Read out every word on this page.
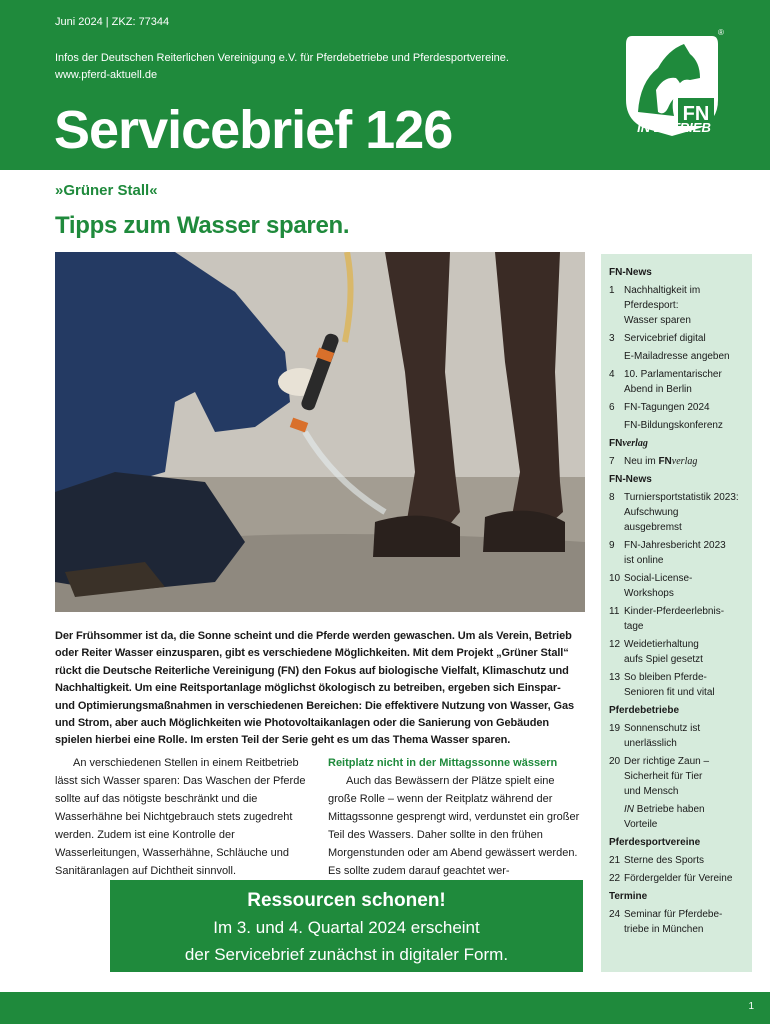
Juni 2024 | ZKZ: 77344
Infos der Deutschen Reiterlichen Vereinigung e.V. für Pferdebetriebe und Pferdesportvereine.
www.pferd-aktuell.de
Servicebrief 126	FN
®
IN BETRIEB
»Grüner Stall«
Tipps zum Wasser sparen.
Der Frühsommer ist da, die Sonne scheint und die Pferde werden gewaschen. Um als Verein, Betrieb oder Reiter Wasser einzusparen, gibt es verschiedene Möglichkeiten. Mit dem Projekt „Grüner Stall“ rückt die Deutsche Reiterliche Vereinigung (FN) den Fokus auf biologische Vielfalt, Klimaschutz und Nachhaltigkeit. Um eine Reitsportanlage möglichst ökologisch zu betreiben, ergeben sich Einspar- und Optimierungsmaßnahmen in verschiedenen Bereichen: Die effektivere Nutzung von Wasser, Gas und Strom, aber auch Möglichkeiten wie Photovoltaikanlagen oder die Sanierung von Gebäuden spielen hierbei eine Rolle. Im ersten Teil der Serie geht es um das Thema Wasser sparen.

An verschiedenen Stellen in einem Reitbetrieb lässt sich Wasser sparen: Das Waschen der Pferde sollte auf das nötigste beschränkt und die Wasserhähne bei Nichtgebrauch stets zugedreht werden. Zudem ist eine Kontrolle der Wasserleitungen, Wasserhähne, Schläuche und Sanitäranlagen auf Dichtheit sinnvoll.

Reitplatz nicht in der Mittagssonne wässern

Auch das Bewässern der Plätze spielt eine große Rolle – wenn der Reitplatz während der Mittagssonne gesprengt wird, verdunstet ein großer Teil des Wassers. Daher sollte in den frühen Morgenstunden oder am Abend gewässert werden. Es sollte zudem darauf geachtet wer-

Ressourcen schonen!
Im 3. und 4. Quartal 2024 erscheint
der Servicebrief zunächst in digitaler Form.
FN-News
1 Nachhaltigkeit im
Pferdesport:
Wasser sparen
3 Servicebrief digital
E-Mailadresse angeben
4 10. Parlamentarischer
Abend in Berlin
6 FN-Tagungen 2024
FN-Bildungskonferenz
FNverlag
7 Neu im FNverlag
FN-News
8 Turniersportstatistik 2023:
Aufschwung
ausgebremst
9 FN-Jahresbericht 2023
ist online
10 Social-License-
Workshops
11 Kinder-Pferdeerlebnis-
tage
12 Weidetierhaltung
aufs Spiel gesetzt
13 So bleiben Pferde-
Senioren fit und vital
Pferdebetriebe
19 Sonnenschutz ist
unerlässlich
20 Der richtige Zaun –
Sicherheit für Tier
und Mensch
IN Betriebe haben
Vorteile
Pferdesportvereine
21 Sterne des Sports
22 Fördergelder für Vereine
Termine
24 Seminar für Pferdebe-
triebe in München
1
